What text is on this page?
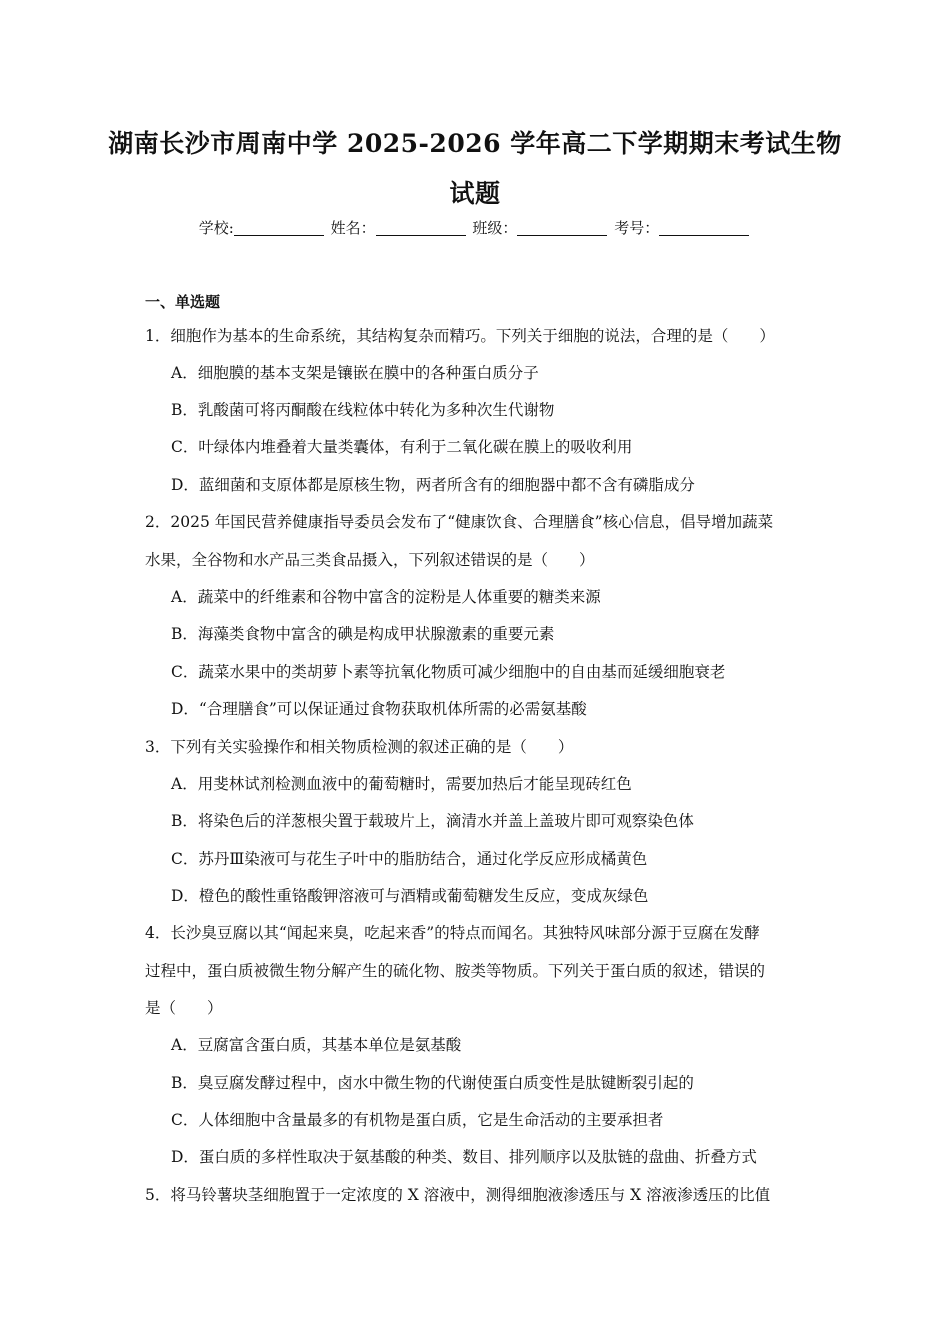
湖南长沙市周南中学 2025-2026 学年高二下学期期末考试生物
试题
学校:	姓名：	班级：	考号：
一、单选题
1．细胞作为基本的生命系统，其结构复杂而精巧。下列关于细胞的说法，合理的是（　　）
A．细胞膜的基本支架是镶嵌在膜中的各种蛋白质分子
B．乳酸菌可将丙酮酸在线粒体中转化为多种次生代谢物
C．叶绿体内堆叠着大量类囊体，有利于二氧化碳在膜上的吸收利用
D．蓝细菌和支原体都是原核生物，两者所含有的细胞器中都不含有磷脂成分
2．2025 年国民营养健康指导委员会发布了“健康饮食、合理膳食”核心信息，倡导增加蔬菜
水果，全谷物和水产品三类食品摄入，下列叙述错误的是（　　）
A．蔬菜中的纤维素和谷物中富含的淀粉是人体重要的糖类来源
B．海藻类食物中富含的碘是构成甲状腺激素的重要元素
C．蔬菜水果中的类胡萝卜素等抗氧化物质可减少细胞中的自由基而延缓细胞衰老
D．“合理膳食”可以保证通过食物获取机体所需的必需氨基酸
3．下列有关实验操作和相关物质检测的叙述正确的是（　　）
A．用斐林试剂检测血液中的葡萄糖时，需要加热后才能呈现砖红色
B．将染色后的洋葱根尖置于载玻片上，滴清水并盖上盖玻片即可观察染色体
C．苏丹Ⅲ染液可与花生子叶中的脂肪结合，通过化学反应形成橘黄色
D．橙色的酸性重铬酸钾溶液可与酒精或葡萄糖发生反应，变成灰绿色
4．长沙臭豆腐以其“闻起来臭，吃起来香”的特点而闻名。其独特风味部分源于豆腐在发酵
过程中，蛋白质被微生物分解产生的硫化物、胺类等物质。下列关于蛋白质的叙述，错误的
是（　　）
A．豆腐富含蛋白质，其基本单位是氨基酸
B．臭豆腐发酵过程中，卤水中微生物的代谢使蛋白质变性是肽键断裂引起的
C．人体细胞中含量最多的有机物是蛋白质，它是生命活动的主要承担者
D．蛋白质的多样性取决于氨基酸的种类、数目、排列顺序以及肽链的盘曲、折叠方式
5．将马铃薯块茎细胞置于一定浓度的 X 溶液中，测得细胞液渗透压与 X 溶液渗透压的比值
